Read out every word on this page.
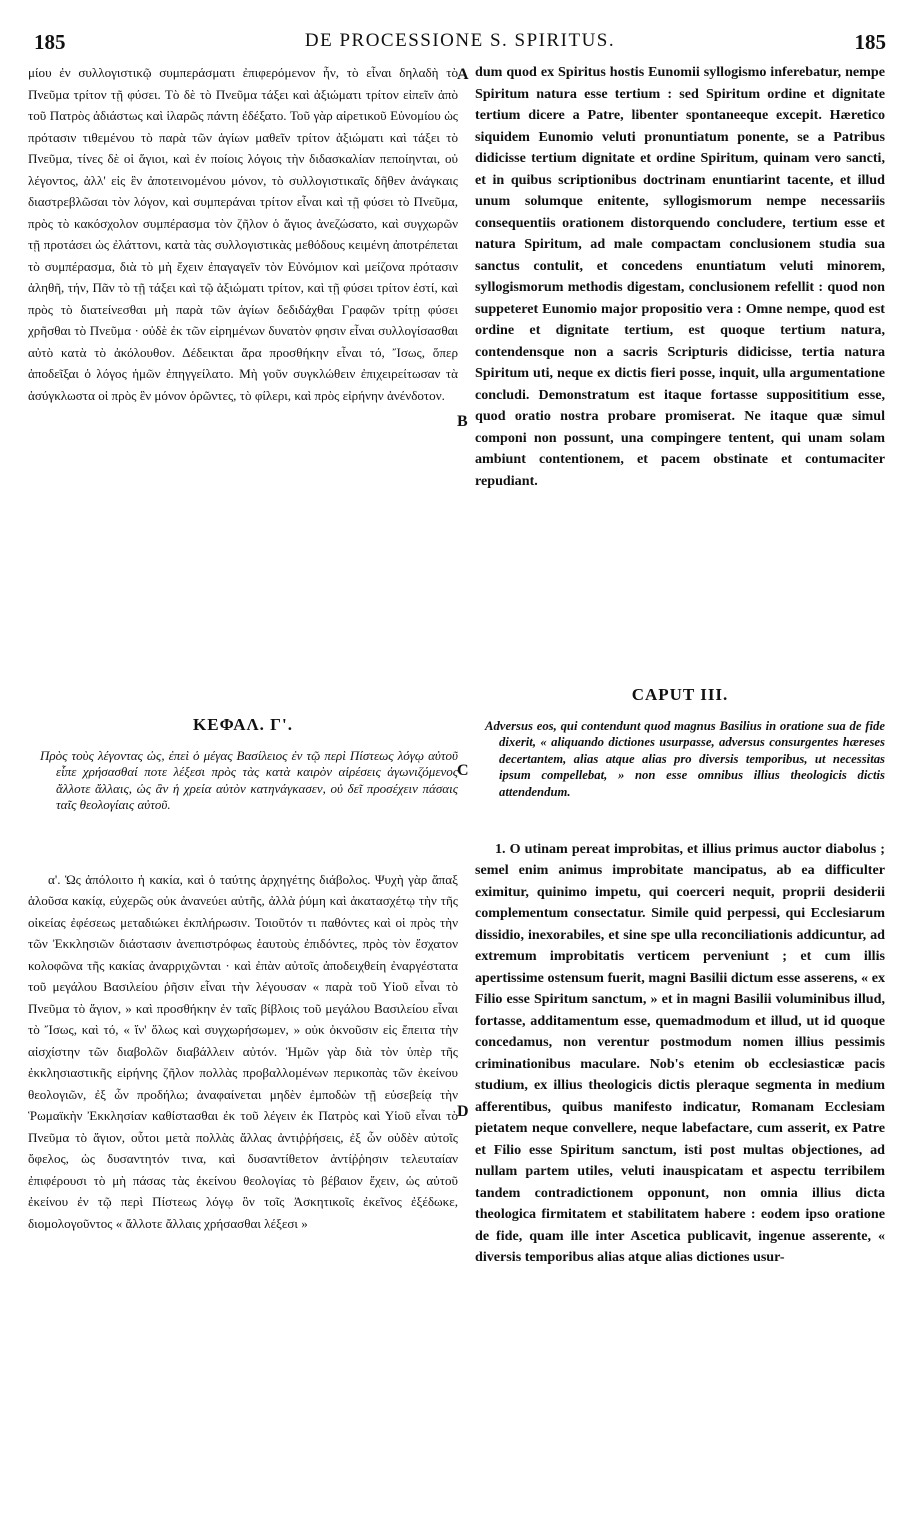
185	DE PROCESSIONE S. SPIRITUS.	185

μίου ἐν συλλογιστικῷ συμπεράσματι ἐπιφερόμενον ἦν, τὸ εἶναι δηλαδὴ τὸ Πνεῦμα τρίτον τῇ φύσει. Τὸ δὲ τὸ Πνεῦμα τάξει καὶ ἀξιώματι τρίτον εἰπεῖν ἀπὸ τοῦ Πατρὸς ἀδιάστως καὶ ἱλαρῶς πάντη ἐδέξατο. Τοῦ γὰρ αἱρετικοῦ Εὐνομίου ὡς πρότασιν τιθεμένου τὸ παρὰ τῶν ἁγίων μαθεῖν τρίτον ἀξιώματι καὶ τάξει τὸ Πνεῦμα, τίνες δὲ οἱ ἅγιοι, καὶ ἐν ποίοις λόγοις τὴν διδασκαλίαν πεποίηνται, οὐ λέγοντος, ἀλλ' εἰς ἓν ἀποτεινομένου μόνον, τὸ συλλογιστικαῖς δῆθεν ἀνάγκαις διαστρεβλῶσαι τὸν λόγον, καὶ συμπεράναι τρίτον εἶναι καὶ τῇ φύσει τὸ Πνεῦμα, πρὸς τὸ κακόσχολον συμπέρασμα τὸν ζῆλον ὁ ἅγιος ἀνεζώσατο, καὶ συγχωρῶν τῇ προτάσει ὡς ἐλάττονι, κατὰ τὰς συλλογιστικὰς μεθόδους κειμένη ἀποτρέπεται τὸ συμπέρασμα, διὰ τὸ μὴ ἔχειν ἐπαγαγεῖν τὸν Εὐνόμιον καὶ μείζονα πρότασιν ἀληθῆ, τήν, Πᾶν τὸ τῇ τάξει καὶ τῷ ἀξιώματι τρίτον, καὶ τῇ φύσει τρίτον ἐστί, καὶ πρὸς τὸ διατείνεσθαι μὴ παρὰ τῶν ἁγίων δεδιδάχθαι Γραφῶν τρίτῃ φύσει χρῆσθαι τὸ Πνεῦμα · οὐδὲ ἐκ τῶν εἰρημένων δυνατὸν φησιν εἶναι συλλογίσασθαι αὐτὸ κατὰ τὸ ἀκόλουθον. Δέδεικται ἄρα προσθήκην εἶναι τό, Ἴσως, ὅπερ ἀποδεῖξαι ὁ λόγος ἡμῶν ἐπηγγείλατο. Μὴ γοῦν συγκλώθειν ἐπιχειρείτωσαν τὰ ἀσύγκλωστα οἱ πρὸς ἓν μόνον ὁρῶντες, τὸ φίλερι, καὶ πρὸς εἰρήνην ἀνένδοτον.

ΚΕΦΑΛ. Γ'.

Πρὸς τοὺς λέγοντας ὡς, ἐπεὶ ὁ μέγας Βασίλειος ἐν τῷ περὶ Πίστεως λόγῳ αὐτοῦ εἶπε χρήσασθαί ποτε λέξεσι πρὸς τὰς κατὰ καιρὸν αἱρέσεις ἀγωνιζόμενος ἄλλοτε ἄλλαις, ὡς ἂν ἡ χρεία αὐτὸν κατηνάγκασεν, οὐ δεῖ προσέχειν πάσαις ταῖς θεολογίαις αὐτοῦ.

α'. Ὡς ἀπόλοιτο ἡ κακία, καὶ ὁ ταύτης ἀρχηγέτης διάβολος. Ψυχὴ γὰρ ἅπαξ ἁλοῦσα κακίᾳ, εὐχερῶς οὐκ ἀνανεύει αὐτῆς, ἀλλὰ ῥύμη καὶ ἀκατασχέτῳ τὴν τῆς οἰκείας ἐφέσεως μεταδιώκει ἐκπλήρωσιν. Τοιοῦτόν τι παθόντες καὶ οἱ πρὸς τὴν τῶν Ἐκκλησιῶν διάστασιν ἀνεπιστρόφως ἑαυτοὺς ἐπιδόντες, πρὸς τὸν ἔσχατον κολοφῶνα τῆς κακίας ἀναρριχῶνται · καὶ ἐπὰν αὐτοῖς ἀποδειχθείη ἐναργέστατα τοῦ μεγάλου Βασιλείου ῥῆσιν εἶναι τὴν λέγουσαν « παρὰ τοῦ Υἱοῦ εἶναι τὸ Πνεῦμα τὸ ἅγιον, » καὶ προσθήκην ἐν ταῖς βίβλοις τοῦ μεγάλου Βασιλείου εἶναι τὸ Ἴσως, καὶ τό, « ἵν' ὅλως καὶ συγχωρήσωμεν, » οὐκ ὀκνοῦσιν εἰς ἔπειτα τὴν αἰσχίστην τῶν διαβολῶν διαβάλλειν αὐτόν. Ἡμῶν γὰρ διὰ τὸν ὑπὲρ τῆς ἐκκλησιαστικῆς εἰρήνης ζῆλον πολλὰς προβαλλομένων περικοπὰς τῶν ἐκείνου θεολογιῶν, ἐξ ὧν προδήλω; ἀναφαίνεται μηδὲν ἐμποδὼν τῇ εὐσεβείᾳ τὴν Ῥωμαϊκὴν Ἐκκλησίαν καθίστασθαι ἐκ τοῦ λέγειν ἐκ Πατρὸς καὶ Υἱοῦ εἶναι τὸ Πνεῦμα τὸ ἅγιον, οὗτοι μετὰ πολλὰς ἄλλας ἀντιῤῥήσεις, ἐξ ὧν οὐδὲν αὐτοῖς ὄφελος, ὡς δυσαντητόν τινα, καὶ δυσαντίθετον ἀντίῤῥησιν τελευταίαν ἐπιφέρουσι τὸ μὴ πάσας τὰς ἐκείνου θεολογίας τὸ βέβαιον ἔχειν, ὡς αὐτοῦ ἐκείνου ἐν τῷ περὶ Πίστεως λόγῳ ὃν τοῖς Ἀσκητικοῖς ἐκεῖνος ἐξέδωκε, διομολογοῦντος « ἄλλοτε ἄλλαις χρήσασθαι λέξεσι »

dum quod ex Spiritus hostis Eunomii syllogismo inferebatur, nempe Spiritum natura esse tertium : sed Spiritum ordine et dignitate tertium dicere a Patre, libenter spontaneeque excepit. Hæretico siquidem Eunomio veluti pronuntiatum ponente, se a Patribus didicisse tertium dignitate et ordine Spiritum, quinam vero sancti, et in quibus scriptionibus doctrinam enuntiarint tacente, et illud unum solumque enitente, syllogismorum nempe necessariis consequentiis orationem distorquendo concludere, tertium esse et natura Spiritum, ad male compactam conclusionem studia sua sanctus contulit, et concedens enuntiatum veluti minorem, syllogismorum methodis digestam, conclusionem refellit : quod non suppeteret Eunomio major propositio vera : Omne nempe, quod est ordine et dignitate tertium, est quoque tertium natura, contendensque non a sacris Scripturis didicisse, tertia natura Spiritum uti, neque ex dictis fieri posse, inquit, ulla argumentatione concludi. Demonstratum est itaque fortasse supposititium esse, quod oratio nostra probare promiserat. Ne itaque quæ simul componi non possunt, una compingere tentent, qui unam solam ambiunt contentionem, et pacem obstinate et contumaciter repudiant.

CAPUT III.

Adversus eos, qui contendunt quod magnus Basilius in oratione sua de fide dixerit, « aliquando dictiones usurpasse, adversus consurgentes hæreses decertantem, alias atque alias pro diversis temporibus, ut necessitas ipsum compellebat, » non esse omnibus illius theologicis dictis attendendum.

1. O utinam pereat improbitas, et illius primus auctor diabolus ; semel enim animus improbitate mancipatus, ab ea difficulter eximitur, quinimo impetu, qui coerceri nequit, proprii desiderii complementum consectatur. Simile quid perpessi, qui Ecclesiarum dissidio, inexorabiles, et sine spe ulla reconciliationis addicuntur, ad extremum improbitatis verticem perveniunt ; et cum illis apertissime ostensum fuerit, magni Basilii dictum esse asserens, « ex Filio esse Spiritum sanctum, » et in magni Basilii voluminibus illud, fortasse, additamentum esse, quemadmodum et illud, ut id quoque concedamus, non verentur postmodum nomen illius pessimis criminationibus maculare. Nob's etenim ob ecclesiasticæ pacis studium, ex illius theologicis dictis pleraque segmenta in medium afferentibus, quibus manifesto indicatur, Romanam Ecclesiam pietatem neque convellere, neque labefactare, cum asserit, ex Patre et Filio esse Spiritum sanctum, isti post multas objectiones, ad nullam partem utiles, veluti inauspicatam et aspectu terribilem tandem contradictionem opponunt, non omnia illius dicta theologica firmitatem et stabilitatem habere : eodem ipso oratione de fide, quam ille inter Ascetica publicavit, ingenue asserente, « diversis temporibus alias atque alias dictiones usur-

A
B
C
D
